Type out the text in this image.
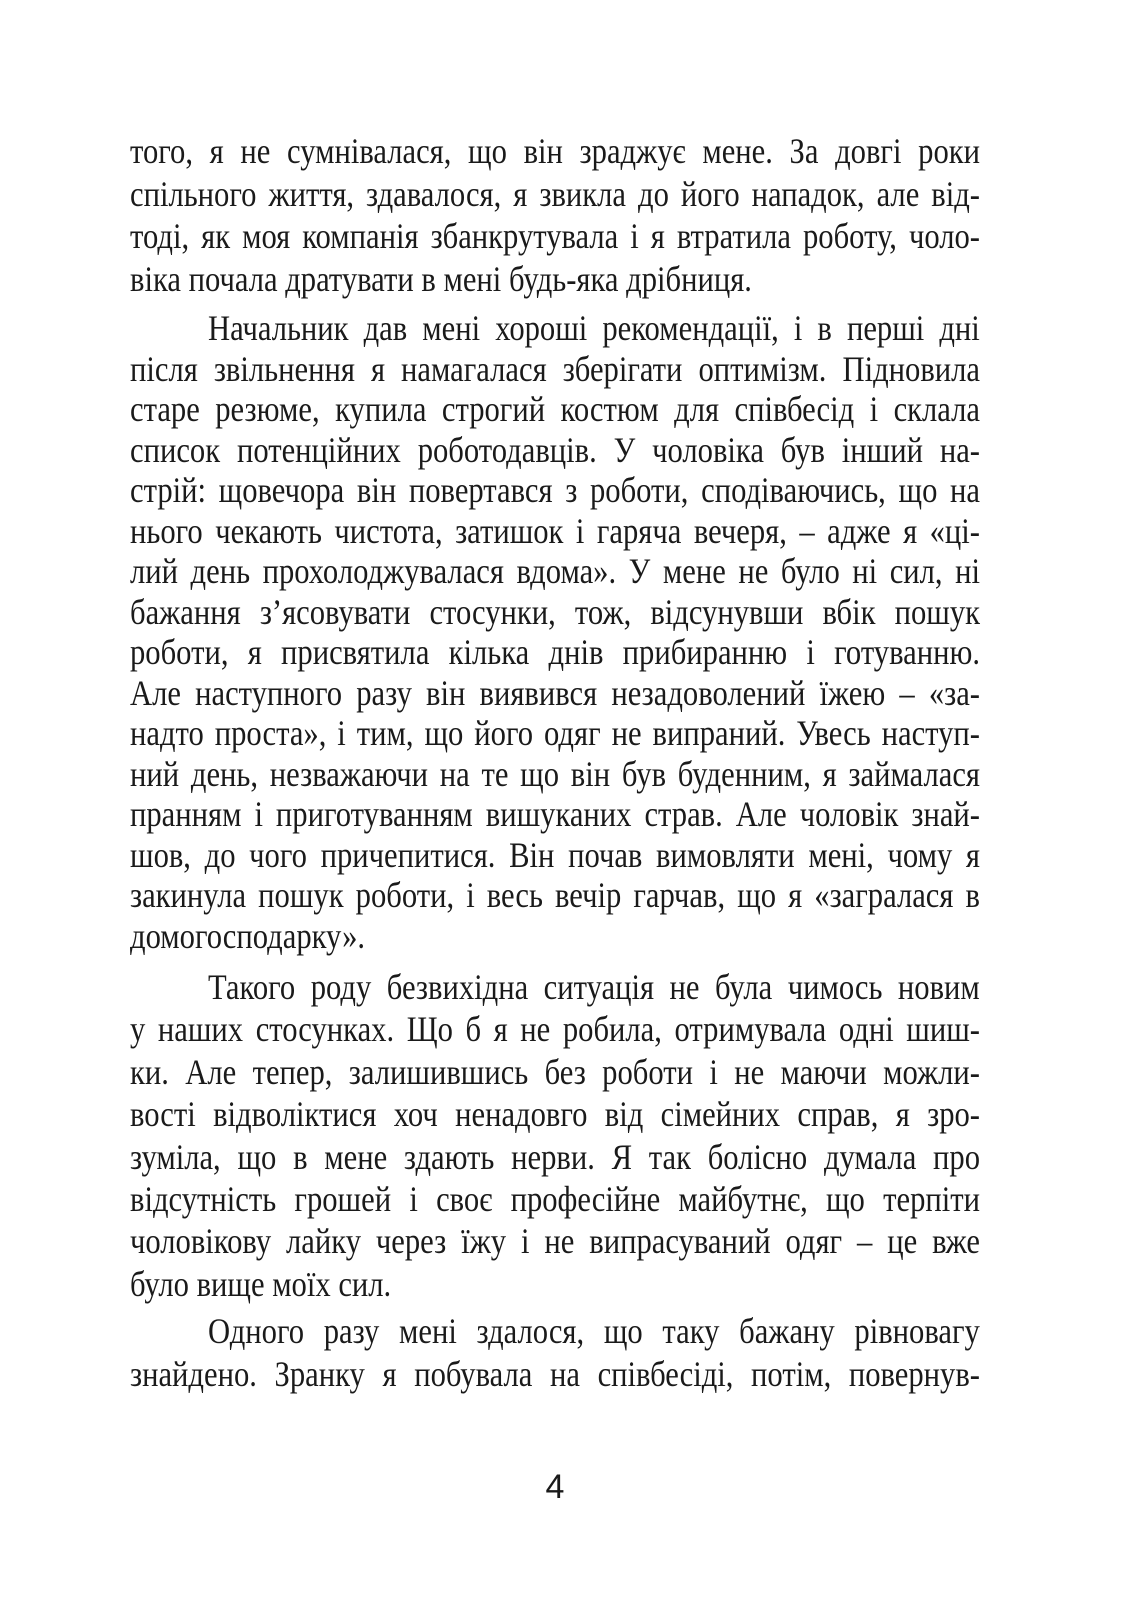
того, я не сумнівалася, що він зраджує мене. За довгі роки
спільного життя, здавалося, я звикла до його нападок, але від-
тоді, як моя компанія збанкрутувала і я втратила роботу, чоло-
віка почала дратувати в мені будь-яка дрібниця.
Начальник дав мені хороші рекомендації, і в перші дні
після звільнення я намагалася зберігати оптимізм. Підновила
старе резюме, купила строгий костюм для співбесід і склала
список потенційних роботодавців. У чоловіка був інший на-
стрій: щовечора він повертався з роботи, сподіваючись, що на
нього чекають чистота, затишок і гаряча вечеря, – адже я «ці-
лий день прохолоджувалася вдома». У мене не було ні сил, ні
бажання з’ясовувати стосунки, тож, відсунувши вбік пошук
роботи, я присвятила кілька днів прибиранню і готуванню.
Але наступного разу він виявився незадоволений їжею – «за-
надто проста», і тим, що його одяг не випраний. Увесь наступ-
ний день, незважаючи на те що він був буденним, я займалася
пранням і приготуванням вишуканих страв. Але чоловік знай-
шов, до чого причепитися. Він почав вимовляти мені, чому я
закинула пошук роботи, і весь вечір гарчав, що я «загралася в
домогосподарку».
Такого роду безвихідна ситуація не була чимось новим
у наших стосунках. Що б я не робила, отримувала одні шиш-
ки. Але тепер, залишившись без роботи і не маючи можли-
вості відволіктися хоч ненадовго від сімейних справ, я зро-
зуміла, що в мене здають нерви. Я так болісно думала про
відсутність грошей і своє професійне майбутнє, що терпіти
чоловікову лайку через їжу і не випрасуваний одяг – це вже
було вище моїх сил.
Одного разу мені здалося, що таку бажану рівновагу
знайдено. Зранку я побувала на співбесіді, потім, повернув-
4
